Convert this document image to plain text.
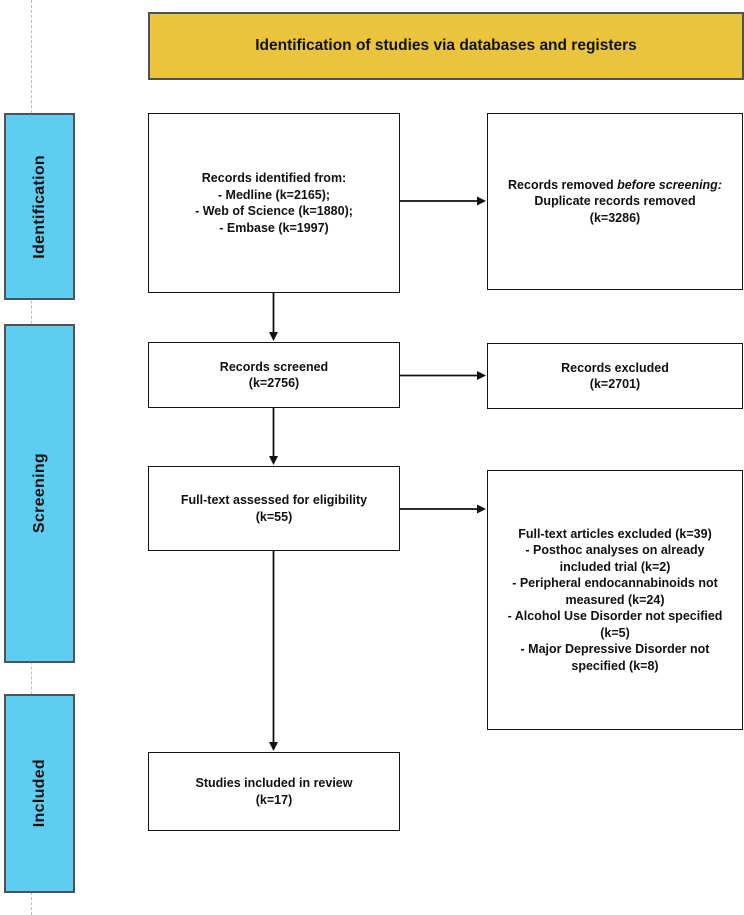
Identification
Screening
Included
Identification of studies via databases and registers
Records identified from:
- Medline (k=2165);
- Web of Science (k=1880);
- Embase (k=1997)
Records removed before screening:
Duplicate records removed
(k=3286)
Records screened
(k=2756)
Records excluded
(k=2701)
Full-text assessed for eligibility
(k=55)
Full-text articles excluded (k=39)
- Posthoc analyses on already included trial (k=2)
- Peripheral endocannabinoids not measured (k=24)
- Alcohol Use Disorder not specified (k=5)
- Major Depressive Disorder not specified (k=8)
Studies included in review
(k=17)
